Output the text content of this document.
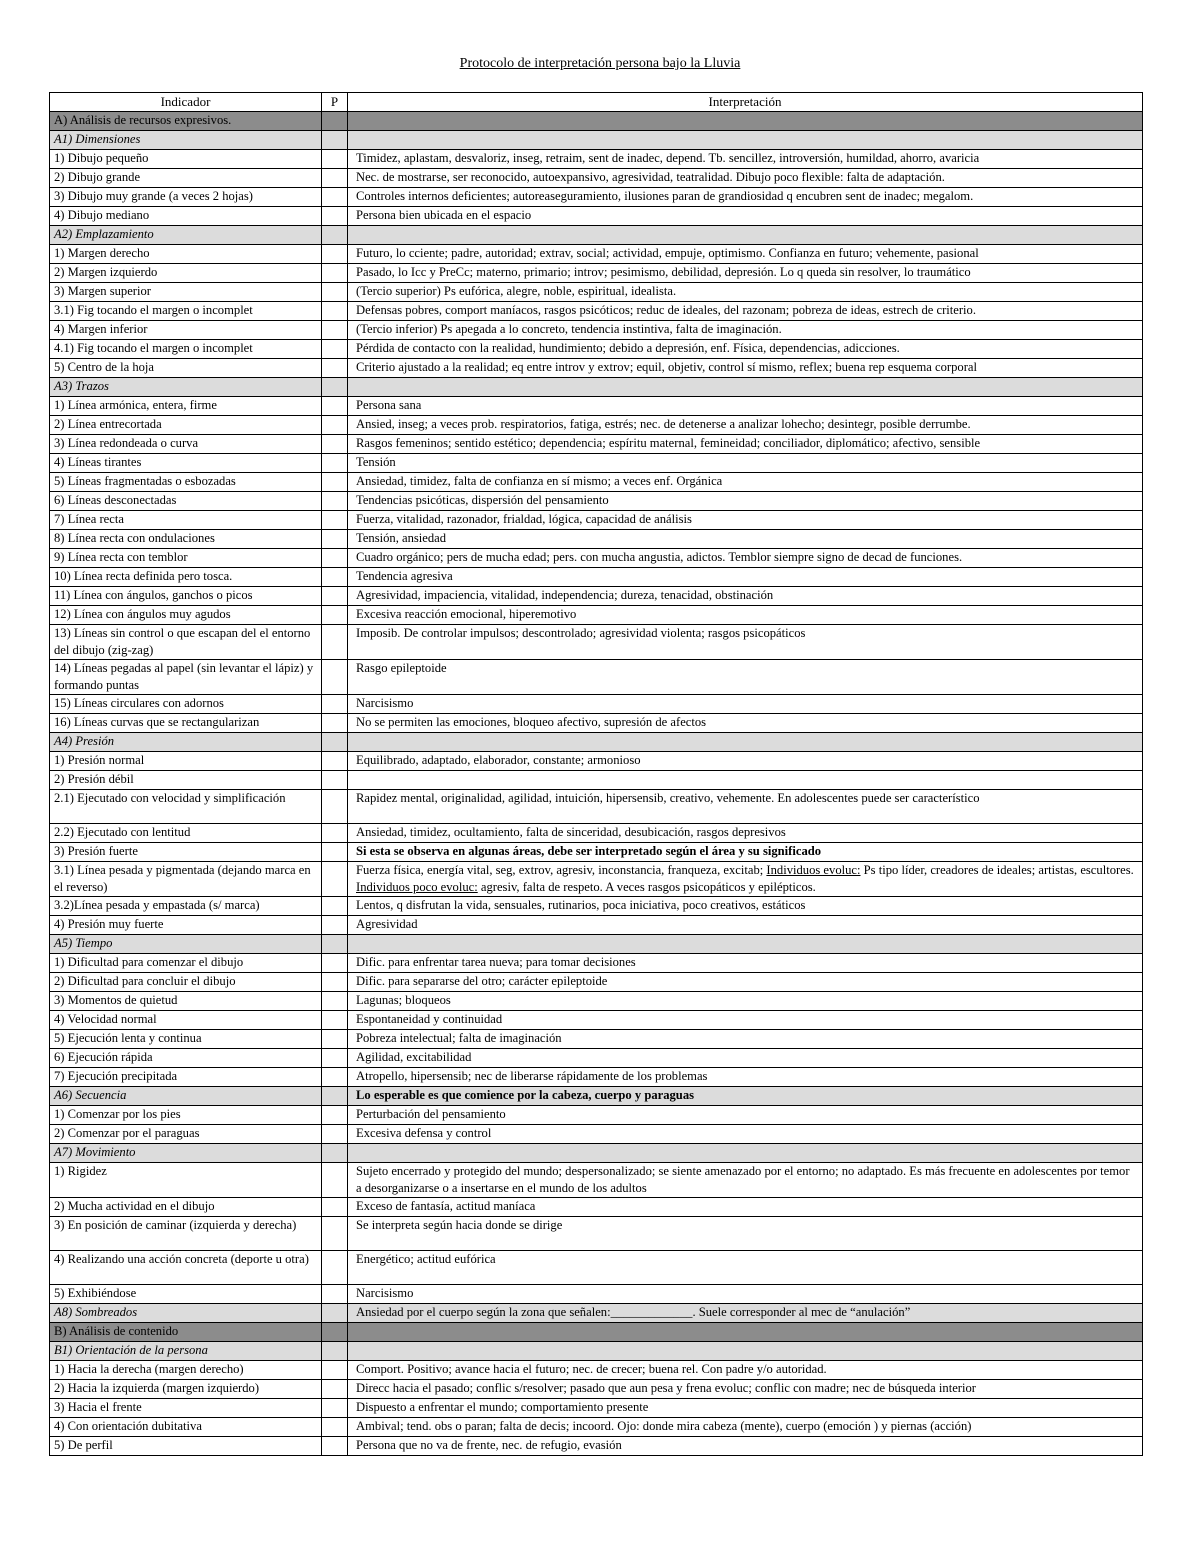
Protocolo de interpretación persona bajo la Lluvia
Indicador	P	Interpretación
A) Análisis de recursos expresivos.		
A1) Dimensiones		
1) Dibujo pequeño		Timidez, aplastam, desvaloriz, inseg, retraim, sent de inadec, depend. Tb. sencillez, introversión, humildad, ahorro, avaricia
2) Dibujo grande		Nec. de mostrarse, ser reconocido, autoexpansivo, agresividad, teatralidad. Dibujo poco flexible: falta de adaptación.
3) Dibujo muy grande (a veces 2 hojas)		Controles internos deficientes; autoreaseguramiento, ilusiones paran de grandiosidad q encubren sent de inadec; megalom.
4) Dibujo mediano		Persona bien ubicada en el espacio
A2) Emplazamiento		
1) Margen derecho		Futuro, lo cciente; padre, autoridad; extrav, social; actividad, empuje, optimismo. Confianza en futuro; vehemente, pasional
2) Margen izquierdo		Pasado, lo Icc y PreCc; materno, primario; introv; pesimismo, debilidad, depresión. Lo q queda sin resolver, lo traumático
3) Margen superior		(Tercio superior) Ps eufórica, alegre, noble, espiritual, idealista.
3.1) Fig tocando el margen o incomplet		Defensas pobres, comport maníacos, rasgos psicóticos; reduc de ideales, del razonam; pobreza de ideas, estrech de criterio.
4) Margen inferior		(Tercio inferior) Ps apegada a lo concreto, tendencia instintiva, falta de imaginación.
4.1) Fig tocando el margen o incomplet		Pérdida de contacto con la realidad, hundimiento; debido a depresión, enf. Física, dependencias, adicciones.
5) Centro de la hoja		Criterio ajustado a la realidad; eq entre introv y extrov; equil, objetiv, control sí mismo, reflex; buena rep esquema corporal
A3) Trazos		
1) Línea armónica, entera, firme		Persona sana
2) Línea entrecortada		Ansied, inseg; a veces prob. respiratorios, fatiga, estrés; nec. de detenerse a analizar lohecho; desintegr, posible derrumbe.
3) Línea redondeada o curva		Rasgos femeninos; sentido estético; dependencia; espíritu maternal, femineidad; conciliador, diplomático; afectivo, sensible
4) Líneas tirantes		Tensión
5) Líneas fragmentadas o esbozadas		Ansiedad, timidez, falta de confianza en sí mismo; a veces enf. Orgánica
6) Líneas desconectadas		Tendencias psicóticas, dispersión del pensamiento
7) Línea recta		Fuerza, vitalidad, razonador, frialdad, lógica, capacidad de análisis
8) Línea recta con ondulaciones		Tensión, ansiedad
9) Línea recta con temblor		Cuadro orgánico; pers de mucha edad; pers. con mucha angustia, adictos. Temblor siempre signo de decad de funciones.
10) Línea recta definida pero tosca.		Tendencia agresiva
11) Línea con ángulos, ganchos o picos		Agresividad, impaciencia, vitalidad, independencia; dureza, tenacidad, obstinación
12) Línea con ángulos muy agudos		Excesiva reacción emocional, hiperemotivo
13) Líneas sin control o que escapan del el entorno del dibujo (zig-zag)		Imposib. De controlar impulsos; descontrolado; agresividad violenta; rasgos psicopáticos
14) Líneas pegadas al papel (sin levantar el lápiz) y formando puntas		Rasgo epileptoide
15) Líneas circulares con adornos		Narcisismo
16) Líneas curvas que se rectangularizan		No se permiten las emociones, bloqueo afectivo, supresión de afectos
A4) Presión		
1) Presión normal		Equilibrado, adaptado, elaborador, constante; armonioso
2) Presión débil		
2.1) Ejecutado con velocidad y simplificación		Rapidez mental, originalidad, agilidad, intuición, hipersensib, creativo, vehemente. En adolescentes puede ser característico
2.2) Ejecutado con lentitud		Ansiedad, timidez, ocultamiento, falta de sinceridad, desubicación, rasgos depresivos
3) Presión fuerte		Si esta se observa en algunas áreas, debe ser interpretado según el área y su significado
3.1) Línea pesada y pigmentada (dejando marca en el reverso)		Fuerza física, energía vital, seg, extrov, agresiv, inconstancia, franqueza, excitab; Individuos evoluc: Ps tipo líder, creadores de ideales; artistas, escultores. Individuos poco evoluc: agresiv, falta de respeto. A veces rasgos psicopáticos y epilépticos.
3.2)Línea pesada y empastada (s/ marca)		Lentos, q disfrutan la vida, sensuales, rutinarios, poca iniciativa, poco creativos, estáticos
4) Presión muy fuerte		Agresividad
A5) Tiempo		
1) Dificultad para comenzar el dibujo		Dific. para enfrentar tarea nueva; para tomar decisiones
2) Dificultad para concluir el dibujo		Dific. para separarse del otro; carácter epileptoide
3) Momentos de quietud		Lagunas; bloqueos
4) Velocidad normal		Espontaneidad y continuidad
5) Ejecución lenta y continua		Pobreza intelectual; falta de imaginación
6) Ejecución rápida		Agilidad, excitabilidad
7) Ejecución precipitada		Atropello, hipersensib; nec de liberarse rápidamente de los problemas
A6) Secuencia		Lo esperable es que comience por la cabeza, cuerpo y paraguas
1) Comenzar por los pies		Perturbación del pensamiento
2) Comenzar por el paraguas		Excesiva defensa y control
A7) Movimiento		
1) Rigidez		Sujeto encerrado y protegido del mundo; despersonalizado; se siente amenazado por el entorno; no adaptado. Es más frecuente en adolescentes por temor a desorganizarse o a insertarse en el mundo de los adultos
2) Mucha actividad en el dibujo		Exceso de fantasía, actitud maníaca
3) En posición de caminar (izquierda y derecha)		Se interpreta según hacia donde se dirige
4) Realizando una acción concreta (deporte u otra)		Energético; actitud eufórica
5) Exhibiéndose		Narcisismo
A8) Sombreados		Ansiedad por el cuerpo según la zona que señalen:_____________. Suele corresponder al mec de “anulación”
B) Análisis de contenido		
B1) Orientación de la persona		
1) Hacia la derecha (margen derecho)		Comport. Positivo; avance hacia el futuro; nec. de crecer; buena rel. Con padre y/o autoridad.
2) Hacia la izquierda (margen izquierdo)		Direcc hacia el pasado; conflic s/resolver; pasado que aun pesa y frena evoluc; conflic con madre; nec de búsqueda interior
3) Hacia el frente		Dispuesto a enfrentar el mundo; comportamiento presente
4) Con orientación dubitativa		Ambival; tend. obs o paran; falta de decis; incoord. Ojo: donde mira cabeza (mente), cuerpo (emoción ) y piernas (acción)
5) De perfil		Persona que no va de frente, nec. de refugio, evasión
